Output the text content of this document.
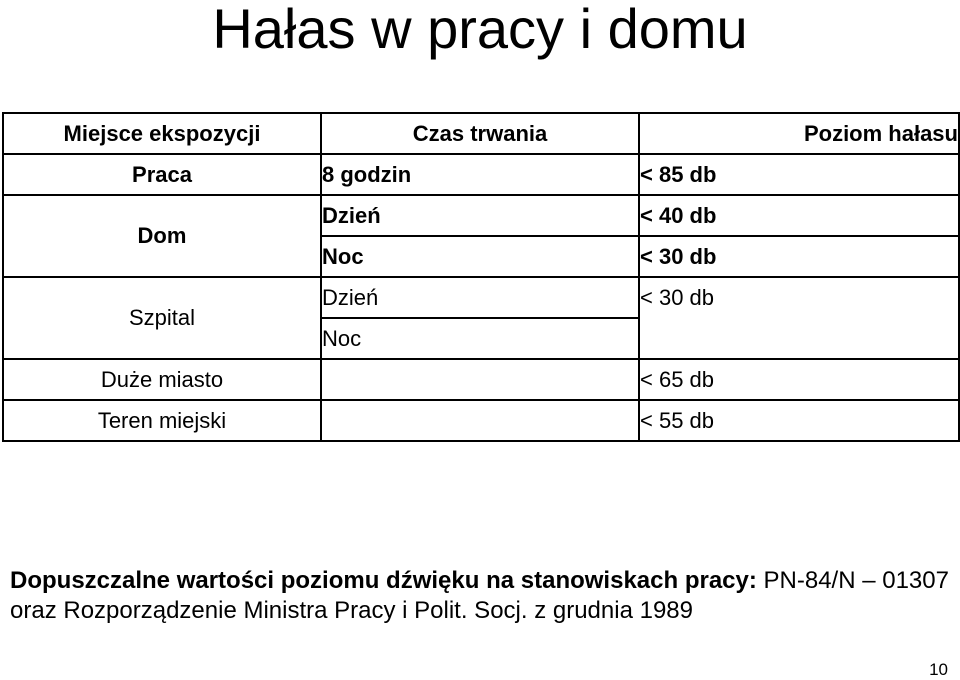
Hałas w pracy i domu
Miejsce ekspozycji	Czas trwania	Poziom hałasu
Praca	8 godzin	< 85 db
Dom	Dzień	< 40 db
	Noc	< 30 db
Szpital	Dzień	< 30 db
	Noc	
Duże miasto		< 65 db
Teren miejski		< 55 db

Dopuszczalne wartości poziomu dźwięku na stanowiskach pracy: PN-84/N – 01307 oraz Rozporządzenie Ministra Pracy i Polit. Socj. z grudnia 1989

10
